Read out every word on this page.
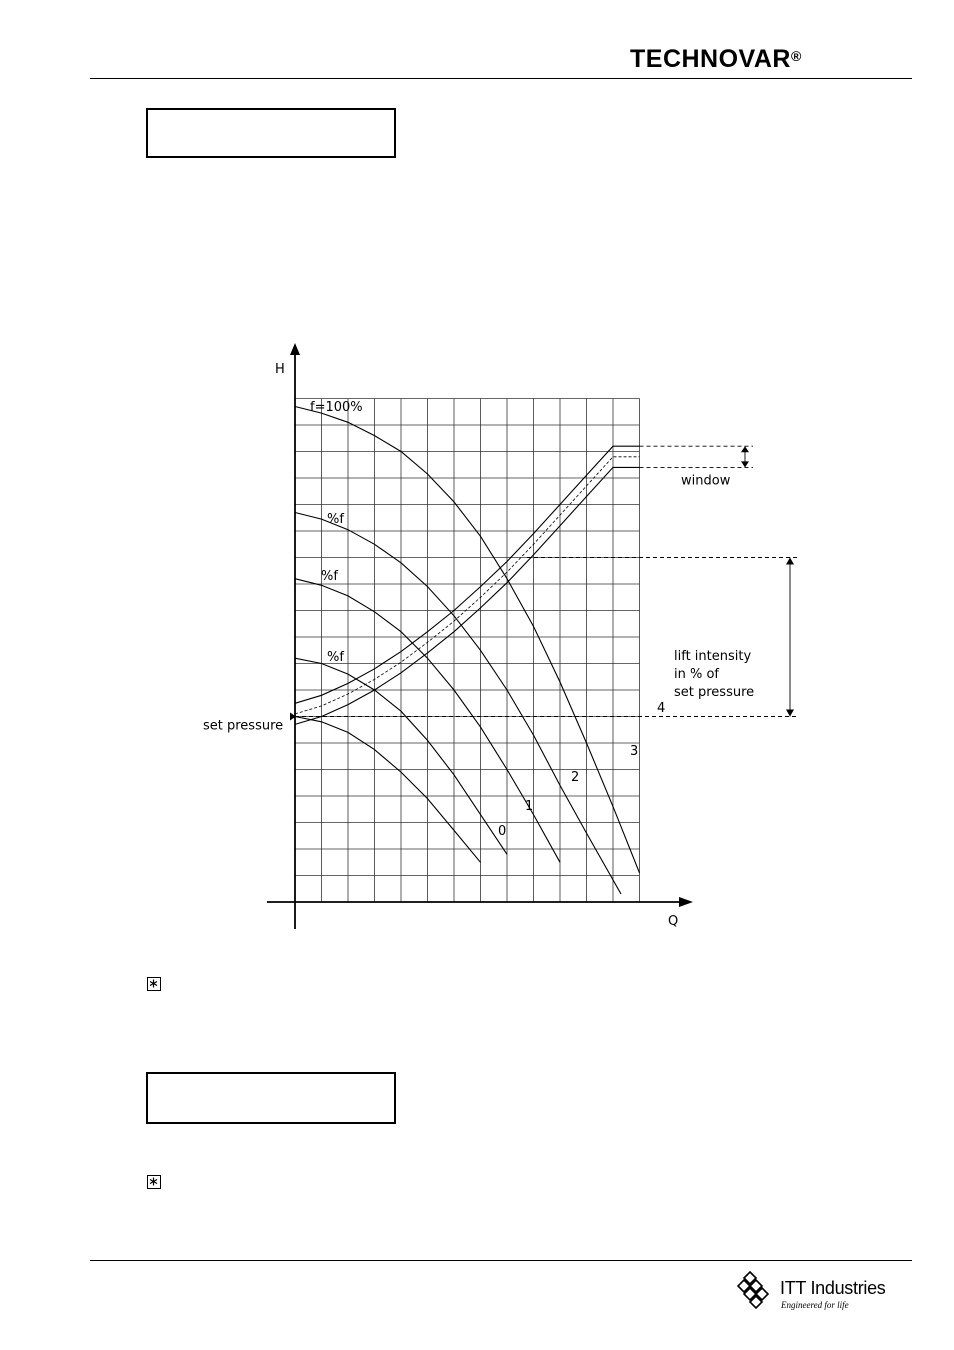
TECHNOVAR®
H
Q
f=100%
4
%f
3
%f
2
%f
1
0
set pressure
lift intensity
in % of
set pressure
window
ITT Industries
Engineered for life
